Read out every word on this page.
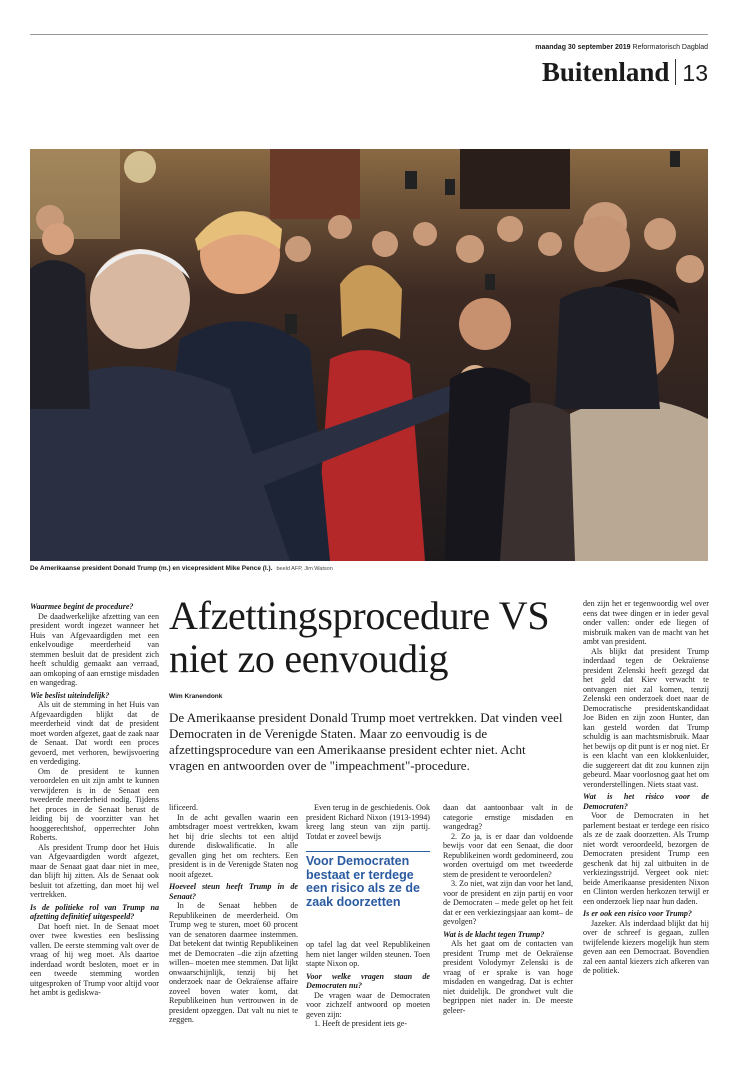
maandag 30 september 2019 Reformatorisch Dagblad
Buitenland 13
De Amerikaanse president Donald Trump (m.) en vicepresident Mike Pence (l.). beeld AFP, Jim Watson

Waarmee begint de procedure?

De daadwerkelijke afzetting van een president wordt ingezet wanneer het Huis van Afgevaardigden met een enkelvoudige meerderheid van stemmen besluit dat de president zich heeft schuldig gemaakt aan verraad, aan omkoping of aan ernstige misdaden en wangedrag.

Wie beslist uiteindelijk?

Als uit de stemming in het Huis van Afgevaardigden blijkt dat de meerderheid vindt dat de president moet worden afgezet, gaat de zaak naar de Senaat. Dat wordt een proces gevoerd, met verhoren, bewijsvoering en verdediging.

Om de president te kunnen veroordelen en uit zijn ambt te kunnen verwijderen is in de Senaat een tweederde meerderheid nodig. Tijdens het proces in de Senaat berust de leiding bij de voorzitter van het hooggerechtshof, opperrechter John Roberts.

Als president Trump door het Huis van Afgevaardigden wordt afgezet, maar de Senaat gaat daar niet in mee, dan blijft hij zitten. Als de Senaat ook besluit tot afzetting, dan moet hij wel vertrekken.

Is de politieke rol van Trump na afzetting definitief uitgespeeld?

Dat hoeft niet. In de Senaat moet over twee kwesties een beslissing vallen. De eerste stemming valt over de vraag of hij weg moet. Als daartoe inderdaad wordt besloten, moet er in een tweede stemming worden uitgesproken of Trump voor altijd voor het ambt is gediskwa-

Afzettingsprocedure VS
niet zo eenvoudig
Wim Kranendonk
De Amerikaanse president Donald Trump moet vertrekken. Dat vinden veel Democraten in de Verenigde Staten. Maar zo eenvoudig is de afzettingsprocedure van een Amerikaanse president echter niet. Acht vragen en antwoorden over de "impeachment"-procedure.

lificeerd.

In de acht gevallen waarin een ambtsdrager moest vertrekken, kwam het bij drie slechts tot een altijd durende diskwalificatie. In alle gevallen ging het om rechters. Een president is in de Verenigde Staten nog nooit afgezet.

Hoeveel steun heeft Trump in de Senaat?

In de Senaat hebben de Republikeinen de meerderheid. Om Trump weg te sturen, moet 60 procent van de senatoren daarmee instemmen. Dat betekent dat twintig Republikeinen met de Democraten –die zijn afzetting willen– moeten mee stemmen. Dat lijkt onwaarschijnlijk, tenzij bij het onderzoek naar de Oekraïense affaire zoveel boven water komt, dat Republikeinen hun vertrouwen in de president opzeggen. Dat valt nu niet te zeggen.

Even terug in de geschiedenis. Ook president Richard Nixon (1913-1994) kreeg lang steun van zijn partij. Totdat er zoveel bewijs

Voor Democraten bestaat er terdege een risico als ze de zaak doorzetten

op tafel lag dat veel Republikeinen hem niet langer wilden steunen. Toen stapte Nixon op.

Voor welke vragen staan de Democraten nu?

De vragen waar de Democraten voor zichzelf antwoord op moeten geven zijn:

1. Heeft de president iets ge-

daan dat aantoonbaar valt in de categorie ernstige misdaden en wangedrag?

2. Zo ja, is er daar dan voldoende bewijs voor dat een Senaat, die door Republikeinen wordt gedomineerd, zou worden overtuigd om met tweederde stem de president te veroordelen?

3. Zo niet, wat zijn dan voor het land, voor de president en zijn partij en voor de Democraten – mede gelet op het feit dat er een verkiezingsjaar aan komt– de gevolgen?

Wat is de klacht tegen Trump?

Als het gaat om de contacten van president Trump met de Oekraïense president Volodymyr Zelenski is de vraag of er sprake is van hoge misdaden en wangedrag. Dat is echter niet duidelijk. De grondwet vult die begrippen niet nader in. De meeste geleer-

den zijn het er tegenwoordig wel over eens dat twee dingen er in ieder geval onder vallen: onder ede liegen of misbruik maken van de macht van het ambt van president.

Als blijkt dat president Trump inderdaad tegen de Oekraïense president Zelenski heeft gezegd dat het geld dat Kiev verwacht te ontvangen niet zal komen, tenzij Zelenski een onderzoek doet naar de Democratische presidentskandidaat Joe Biden en zijn zoon Hunter, dan kan gesteld worden dat Trump schuldig is aan machtsmisbruik. Maar het bewijs op dit punt is er nog niet. Er is een klacht van een klokkenluider, die suggereert dat dit zou kunnen zijn gebeurd. Maar voorlosnog gaat het om veronderstellingen. Niets staat vast.

Wat is het risico voor de Democraten?

Voor de Democraten in het parlement bestaat er terdege een risico als ze de zaak doorzetten. Als Trump niet wordt veroordeeld, bezorgen de Democraten president Trump een geschenk dat hij zal uitbuiten in de verkiezingsstrijd. Vergeet ook niet: beide Amerikaanse presidenten Nixon en Clinton werden herkozen terwijl er een onderzoek liep naar hun daden.

Is er ook een risico voor Trump?

Jazeker. Als inderdaad blijkt dat hij over de schreef is gegaan, zullen twijfelende kiezers mogelijk hun stem geven aan een Democraat. Bovendien zal een aantal kiezers zich afkeren van de politiek.
